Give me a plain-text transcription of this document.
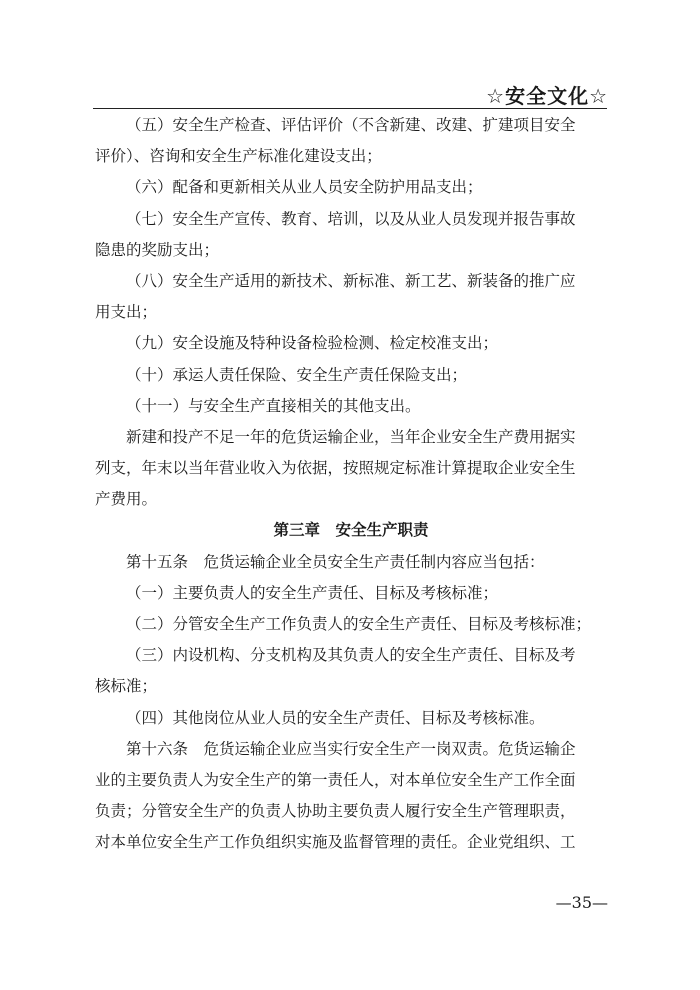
☆安全文化☆
（五）安全生产检查、评估评价（不含新建、改建、扩建项目安全
评价）、咨询和安全生产标准化建设支出；
（六）配备和更新相关从业人员安全防护用品支出；
（七）安全生产宣传、教育、培训，以及从业人员发现并报告事故
隐患的奖励支出；
（八）安全生产适用的新技术、新标准、新工艺、新装备的推广应
用支出；
（九）安全设施及特种设备检验检测、检定校准支出；
（十）承运人责任保险、安全生产责任保险支出；
（十一）与安全生产直接相关的其他支出。
新建和投产不足一年的危货运输企业，当年企业安全生产费用据实
列支，年末以当年营业收入为依据，按照规定标准计算提取企业安全生
产费用。
第三章　安全生产职责
第十五条　危货运输企业全员安全生产责任制内容应当包括：
（一）主要负责人的安全生产责任、目标及考核标准；
（二）分管安全生产工作负责人的安全生产责任、目标及考核标准；
（三）内设机构、分支机构及其负责人的安全生产责任、目标及考
核标准；
（四）其他岗位从业人员的安全生产责任、目标及考核标准。
第十六条　危货运输企业应当实行安全生产一岗双责。危货运输企
业的主要负责人为安全生产的第一责任人，对本单位安全生产工作全面
负责；分管安全生产的负责人协助主要负责人履行安全生产管理职责，
对本单位安全生产工作负组织实施及监督管理的责任。企业党组织、工
—35—
